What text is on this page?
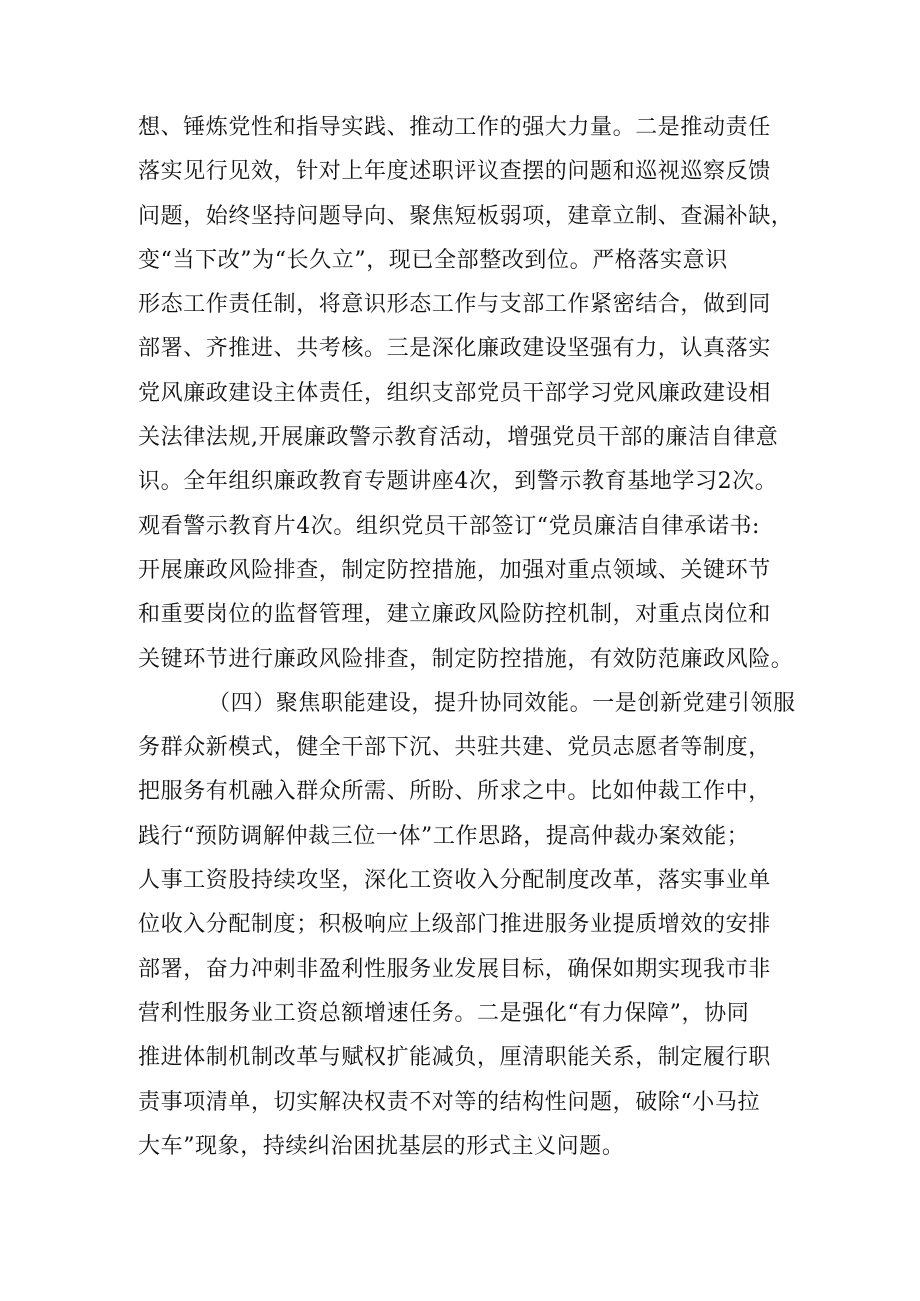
想、锤炼党性和指导实践、推动工作的强大力量。二是推动责任
落实见行见效，针对上年度述职评议查摆的问题和巡视巡察反馈
问题，始终坚持问题导向、聚焦短板弱项，建章立制、查漏补缺，
变“当下改”为“长久立”，现已全部整改到位。严格落实意识
形态工作责任制，将意识形态工作与支部工作紧密结合，做到同
部署、齐推进、共考核。三是深化廉政建设坚强有力，认真落实
党风廉政建设主体责任，组织支部党员干部学习党风廉政建设相
关法律法规,开展廉政警示教育活动，增强党员干部的廉洁自律意
识。全年组织廉政教育专题讲座4次，到警示教育基地学习2次。
观看警示教育片4次。组织党员干部签订“党员廉洁自律承诺书:
开展廉政风险排查，制定防控措施，加强对重点领域、关键环节
和重要岗位的监督管理，建立廉政风险防控机制，对重点岗位和
关键环节进行廉政风险排查，制定防控措施，有效防范廉政风险。
（四）聚焦职能建设，提升协同效能。一是创新党建引领服
务群众新模式，健全干部下沉、共驻共建、党员志愿者等制度，
把服务有机融入群众所需、所盼、所求之中。比如仲裁工作中，
践行“预防调解仲裁三位一体”工作思路，提高仲裁办案效能；
人事工资股持续攻坚，深化工资收入分配制度改革，落实事业单
位收入分配制度；积极响应上级部门推进服务业提质增效的安排
部署，奋力冲刺非盈利性服务业发展目标，确保如期实现我市非
营利性服务业工资总额增速任务。二是强化“有力保障”，协同
推进体制机制改革与赋权扩能减负，厘清职能关系，制定履行职
责事项清单，切实解决权责不对等的结构性问题，破除“小马拉
大车”现象，持续纠治困扰基层的形式主义问题。
